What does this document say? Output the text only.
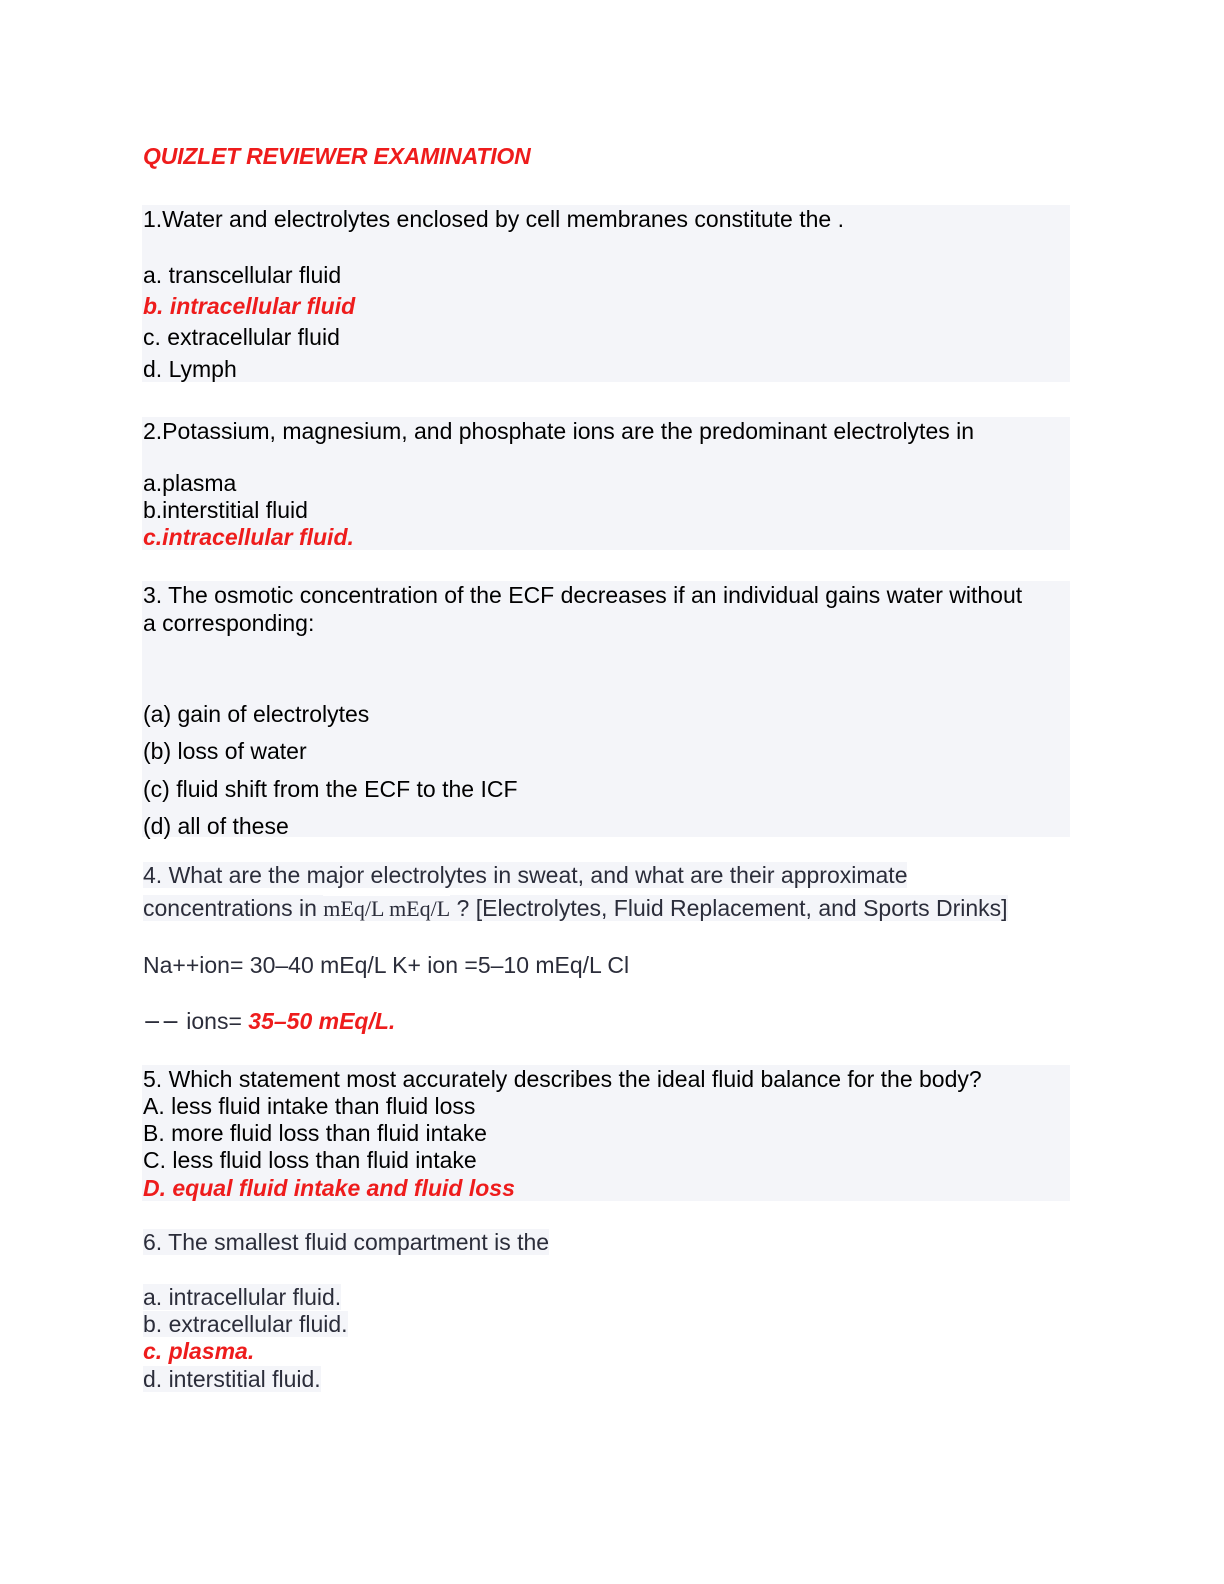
QUIZLET REVIEWER EXAMINATION
1.Water and electrolytes enclosed by cell membranes constitute the .
a. transcellular fluid
b. intracellular fluid
c. extracellular fluid
d. Lymph
2.Potassium, magnesium, and phosphate ions are the predominant electrolytes in
a.plasma
b.interstitial fluid
c.intracellular fluid.
3. The osmotic concentration of the ECF decreases if an individual gains water without
a corresponding:
(a) gain of electrolytes
(b) loss of water
(c) fluid shift from the ECF to the ICF
(d) all of these
4. What are the major electrolytes in sweat, and what are their approximate
concentrations in mEq/L mEq/L ? [Electrolytes, Fluid Replacement, and Sports Drinks]
Na++ion= 30–40 mEq/L K+ ion =5–10 mEq/L Cl
−− ions= 35–50 mEq/L.
5. Which statement most accurately describes the ideal fluid balance for the body?
A. less fluid intake than fluid loss
B. more fluid loss than fluid intake
C. less fluid loss than fluid intake
D. equal fluid intake and fluid loss
6. The smallest fluid compartment is the
a. intracellular fluid.
b. extracellular fluid.
c. plasma.
d. interstitial fluid.
